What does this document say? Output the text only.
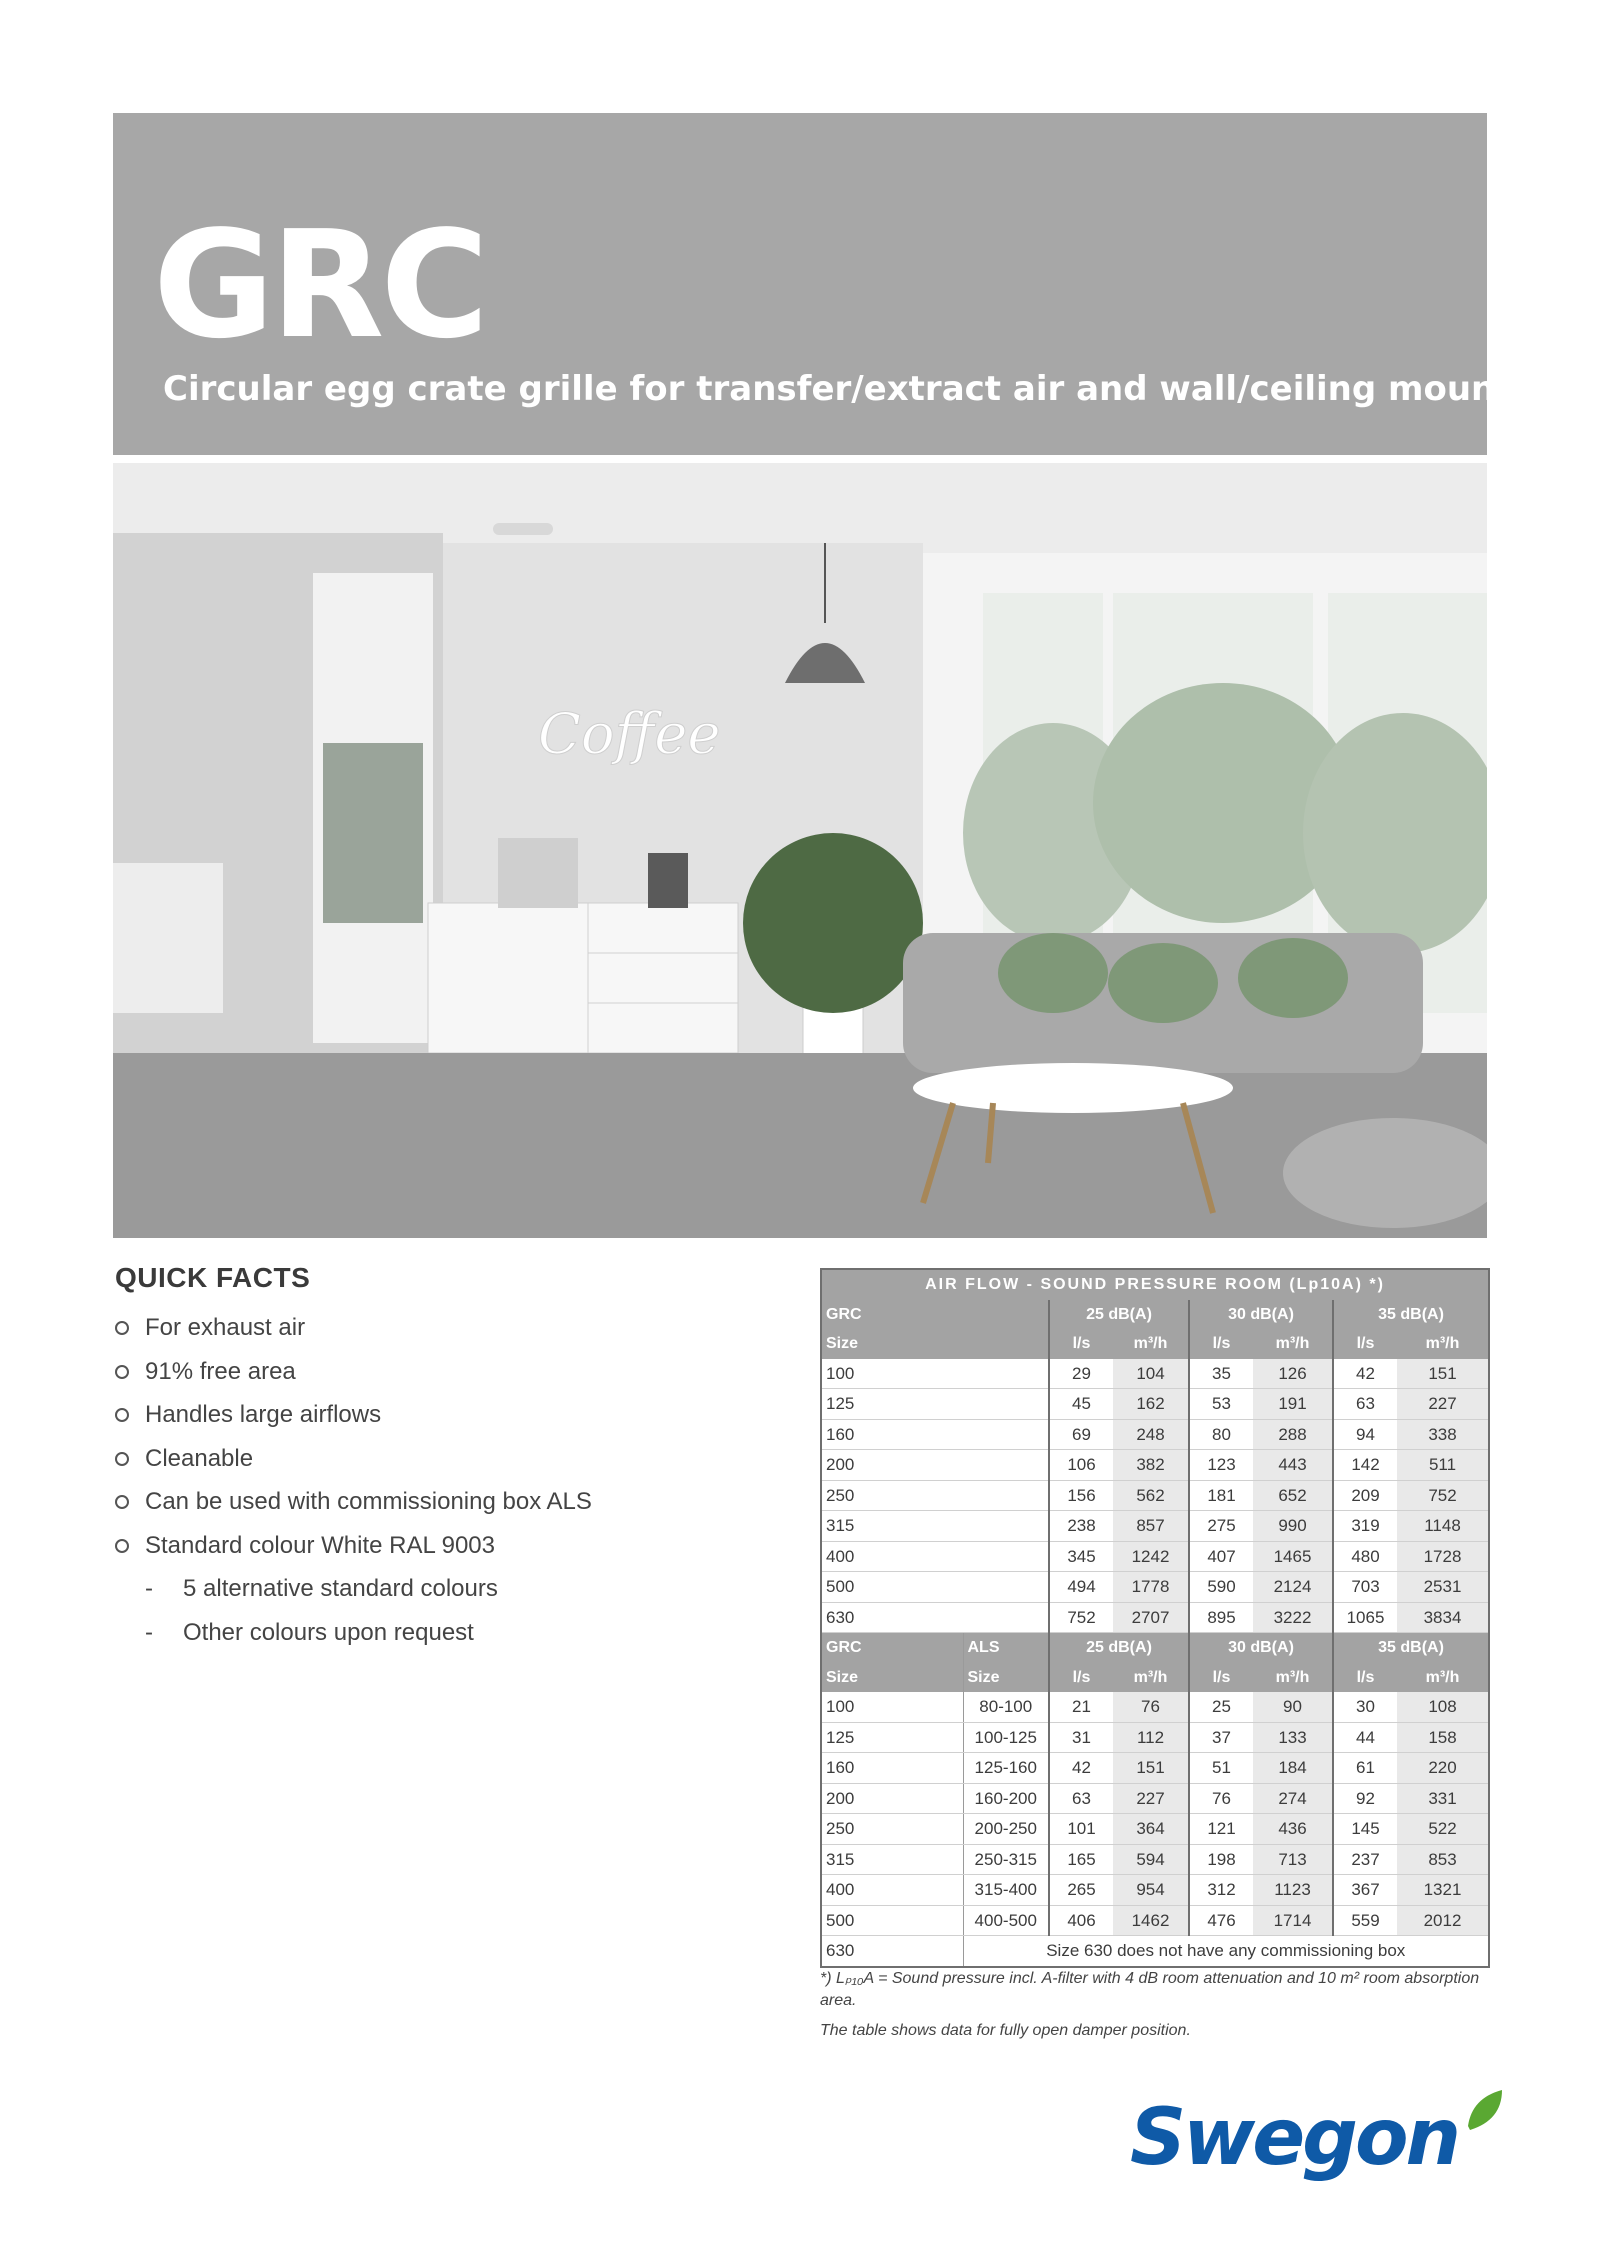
GRC

Circular egg crate grille for transfer/extract air and wall/ceiling mounting

Coffee
QUICK FACTS
For exhaust air
91% free area
Handles large airflows
Cleanable
Can be used with commissioning box ALS
Standard colour White RAL 9003
- 5 alternative standard colours
- Other colours upon request
AIR FLOW - SOUND PRESSURE ROOM (Lp10A) *)							
GRC		25 dB(A)		30 dB(A)		35 dB(A)	
Size		l/s	m³/h	l/s	m³/h	l/s	m³/h
100		29	104	35	126	42	151
125		45	162	53	191	63	227
160		69	248	80	288	94	338
200		106	382	123	443	142	511
250		156	562	181	652	209	752
315		238	857	275	990	319	1148
400		345	1242	407	1465	480	1728
500		494	1778	590	2124	703	2531
630		752	2707	895	3222	1065	3834
GRC	ALS	25 dB(A)		30 dB(A)		35 dB(A)	
Size	Size	l/s	m³/h	l/s	m³/h	l/s	m³/h
100	80-100	21	76	25	90	30	108
125	100-125	31	112	37	133	44	158
160	125-160	42	151	51	184	61	220
200	160-200	63	227	76	274	92	331
250	200-250	101	364	121	436	145	522
315	250-315	165	594	198	713	237	853
400	315-400	265	954	312	1123	367	1321
500	400-500	406	1462	476	1714	559	2012
630	Size 630 does not have any commissioning box						

*) Lₚ₁₀A = Sound pressure incl. A-filter with 4 dB room attenuation and 10 m² room absorption area.

The table shows data for fully open damper position.

Swegon
